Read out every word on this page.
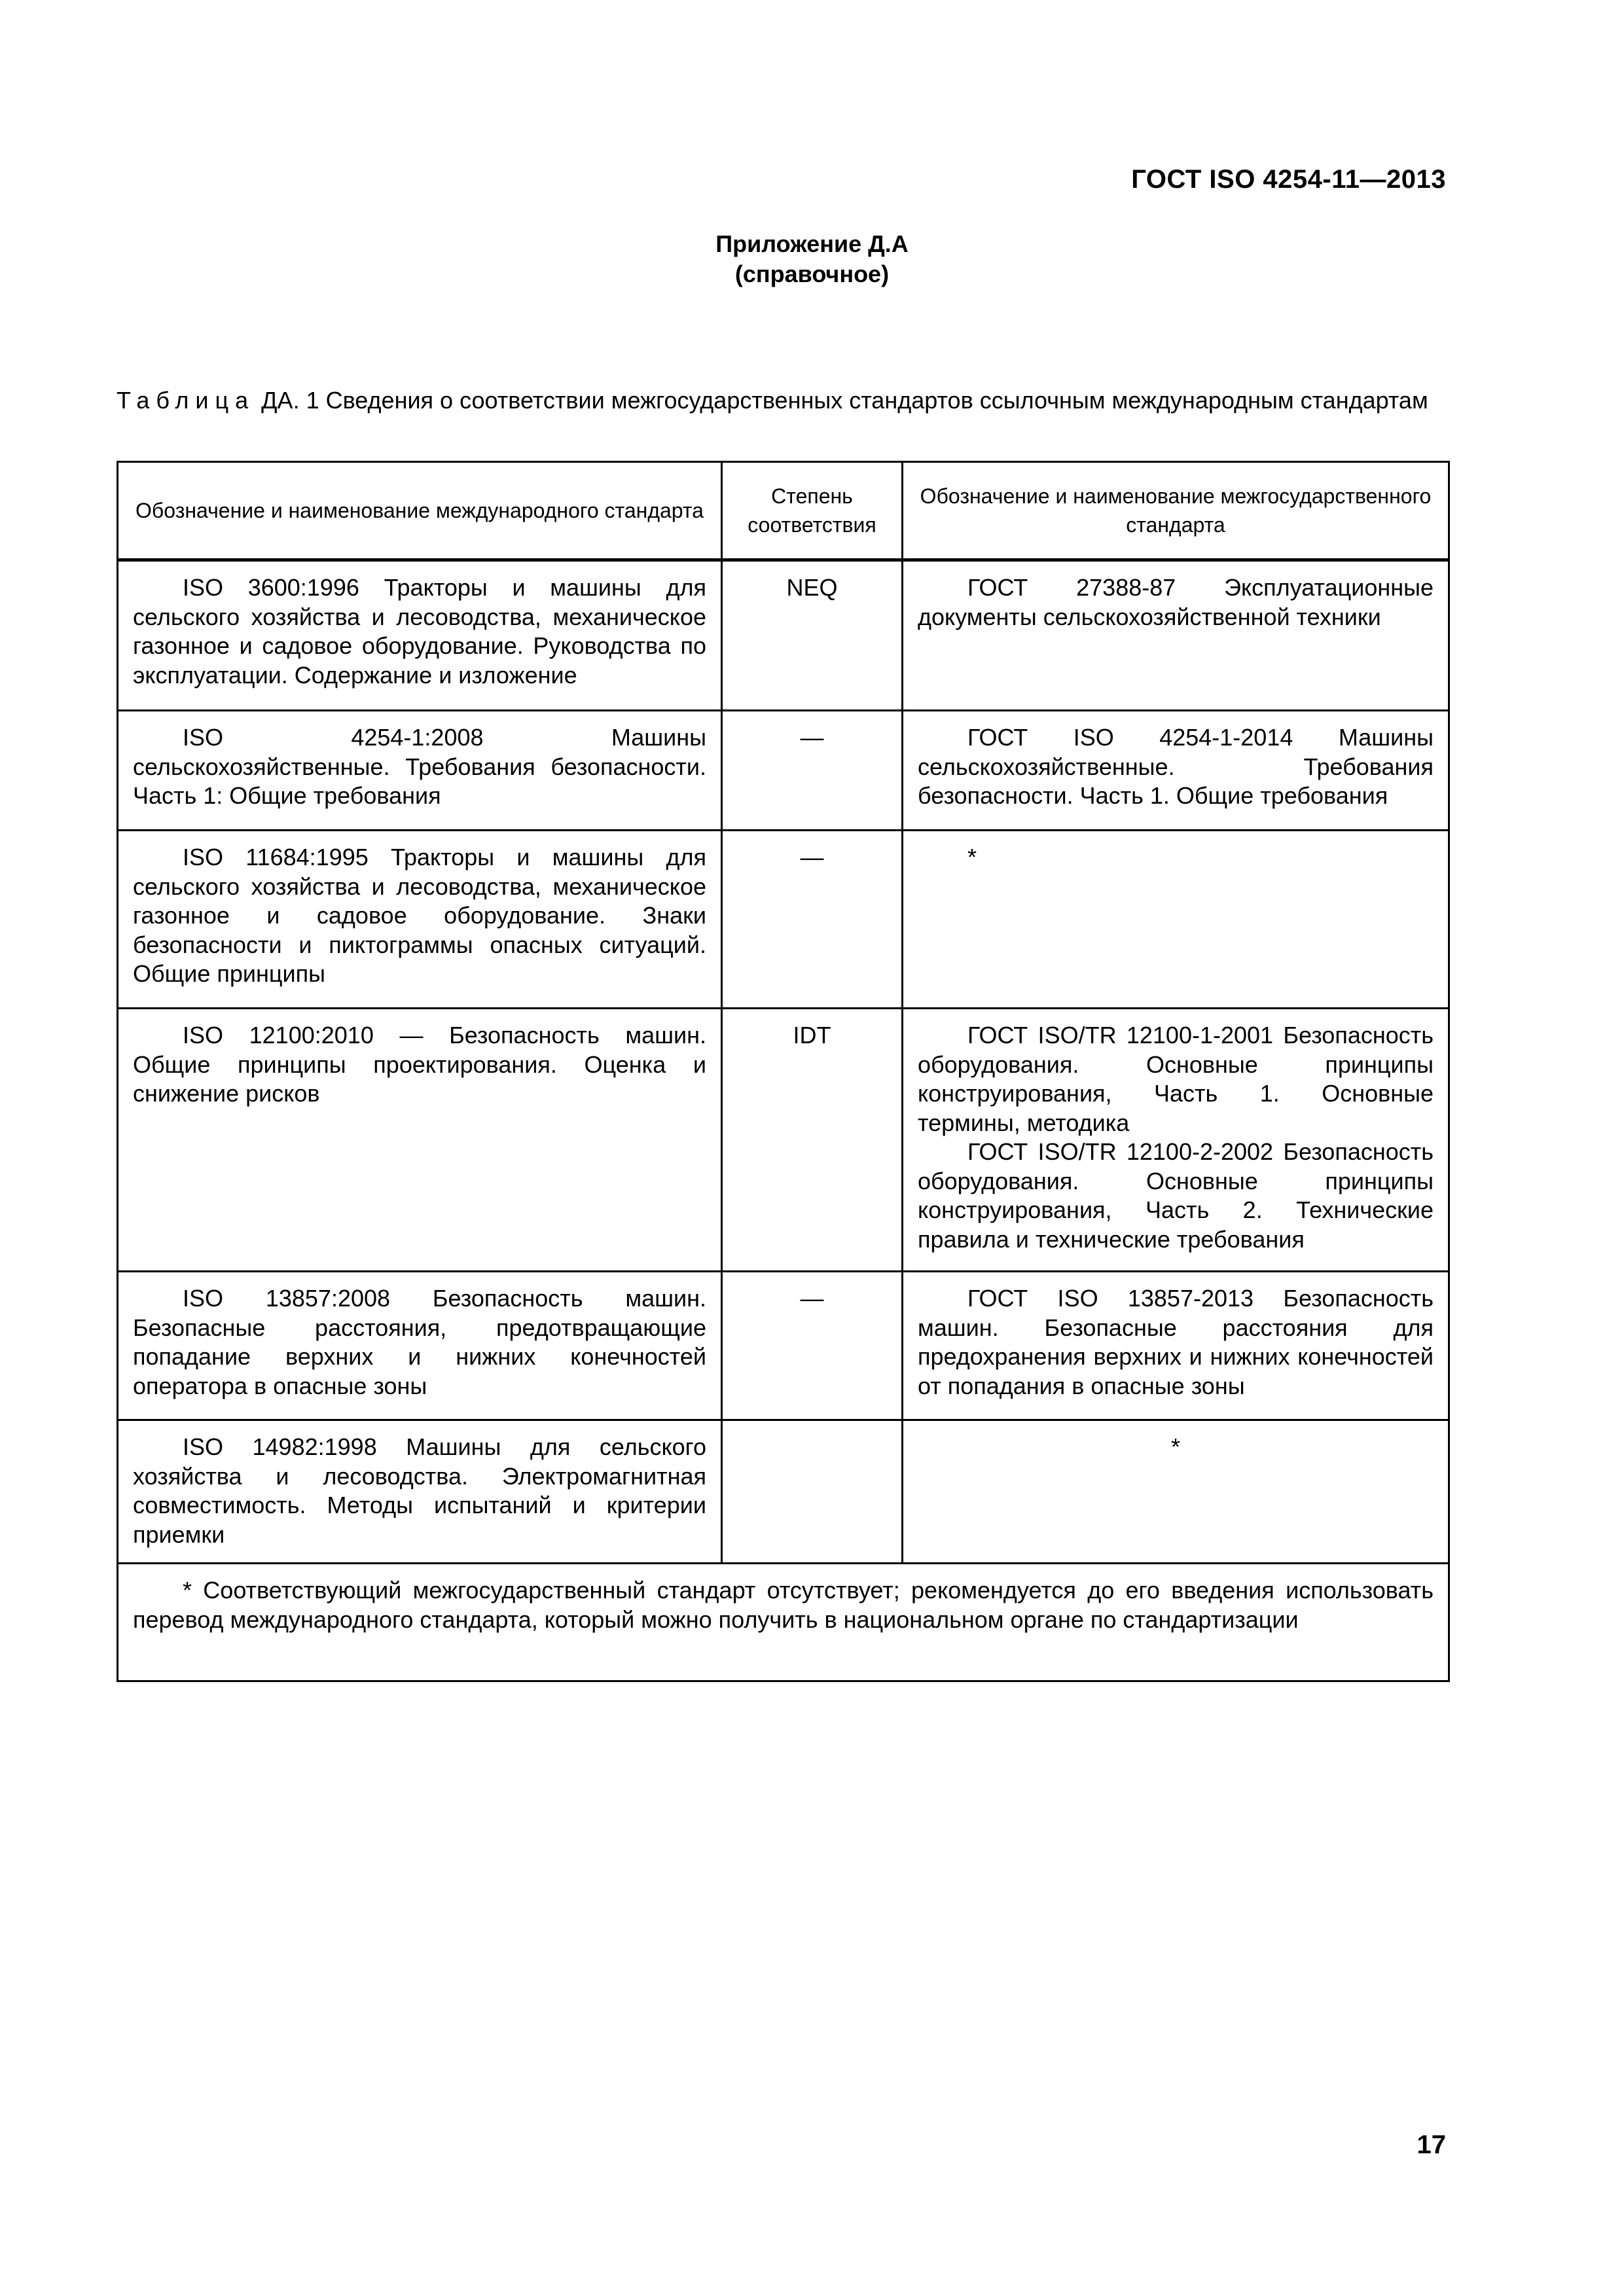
ГОСТ ISO 4254-11—2013
Приложение Д.А
(справочное)
Таблица ДА. 1 Сведения о соответствии межгосударственных стандартов ссылочным международным стандартам
Обозначение и наименование международного стандарта	Степень соответствия	Обозначение и наименование межгосударственного стандарта

ISO 3600:1996 Тракторы и машины для сельского хозяйства и лесоводства, механическое газонное и садовое оборудование. Руководства по эксплуатации. Содержание и изложение	NEQ	ГОСТ 27388-87 Эксплуатационные документы сельскохозяйственной техники

ISO 4254-1:2008 Машины сельскохозяйственные. Требования безопасности. Часть 1: Общие требования	—	ГОСТ ISO 4254-1-2014 Машины сельскохозяйственные. Требования безопасности. Часть 1. Общие требования

ISO 11684:1995 Тракторы и машины для сельского хозяйства и лесоводства, механическое газонное и садовое оборудование. Знаки безопасности и пиктограммы опасных ситуаций. Общие принципы	—	*

ISO 12100:2010 — Безопасность машин. Общие принципы проектирования. Оценка и снижение рисков	IDT	ГОСТ ISO/TR 12100-1-2001 Безопасность оборудования. Основные принципы конструирования, Часть 1. Основные термины, методика
ГОСТ ISO/TR 12100-2-2002 Безопасность оборудования. Основные принципы конструирования, Часть 2. Технические правила и технические требования

ISO 13857:2008 Безопасность машин. Безопасные расстояния, предотвращающие попадание верхних и нижних конечностей оператора в опасные зоны	—	ГОСТ ISO 13857-2013 Безопасность машин. Безопасные расстояния для предохранения верхних и нижних конечностей от попадания в опасные зоны

ISO 14982:1998 Машины для сельского хозяйства и лесоводства. Электромагнитная совместимость. Методы испытаний и критерии приемки		*

* Соответствующий межгосударственный стандарт отсутствует; рекомендуется до его введения использовать перевод международного стандарта, который можно получить в национальном органе по стандартизации		
17
